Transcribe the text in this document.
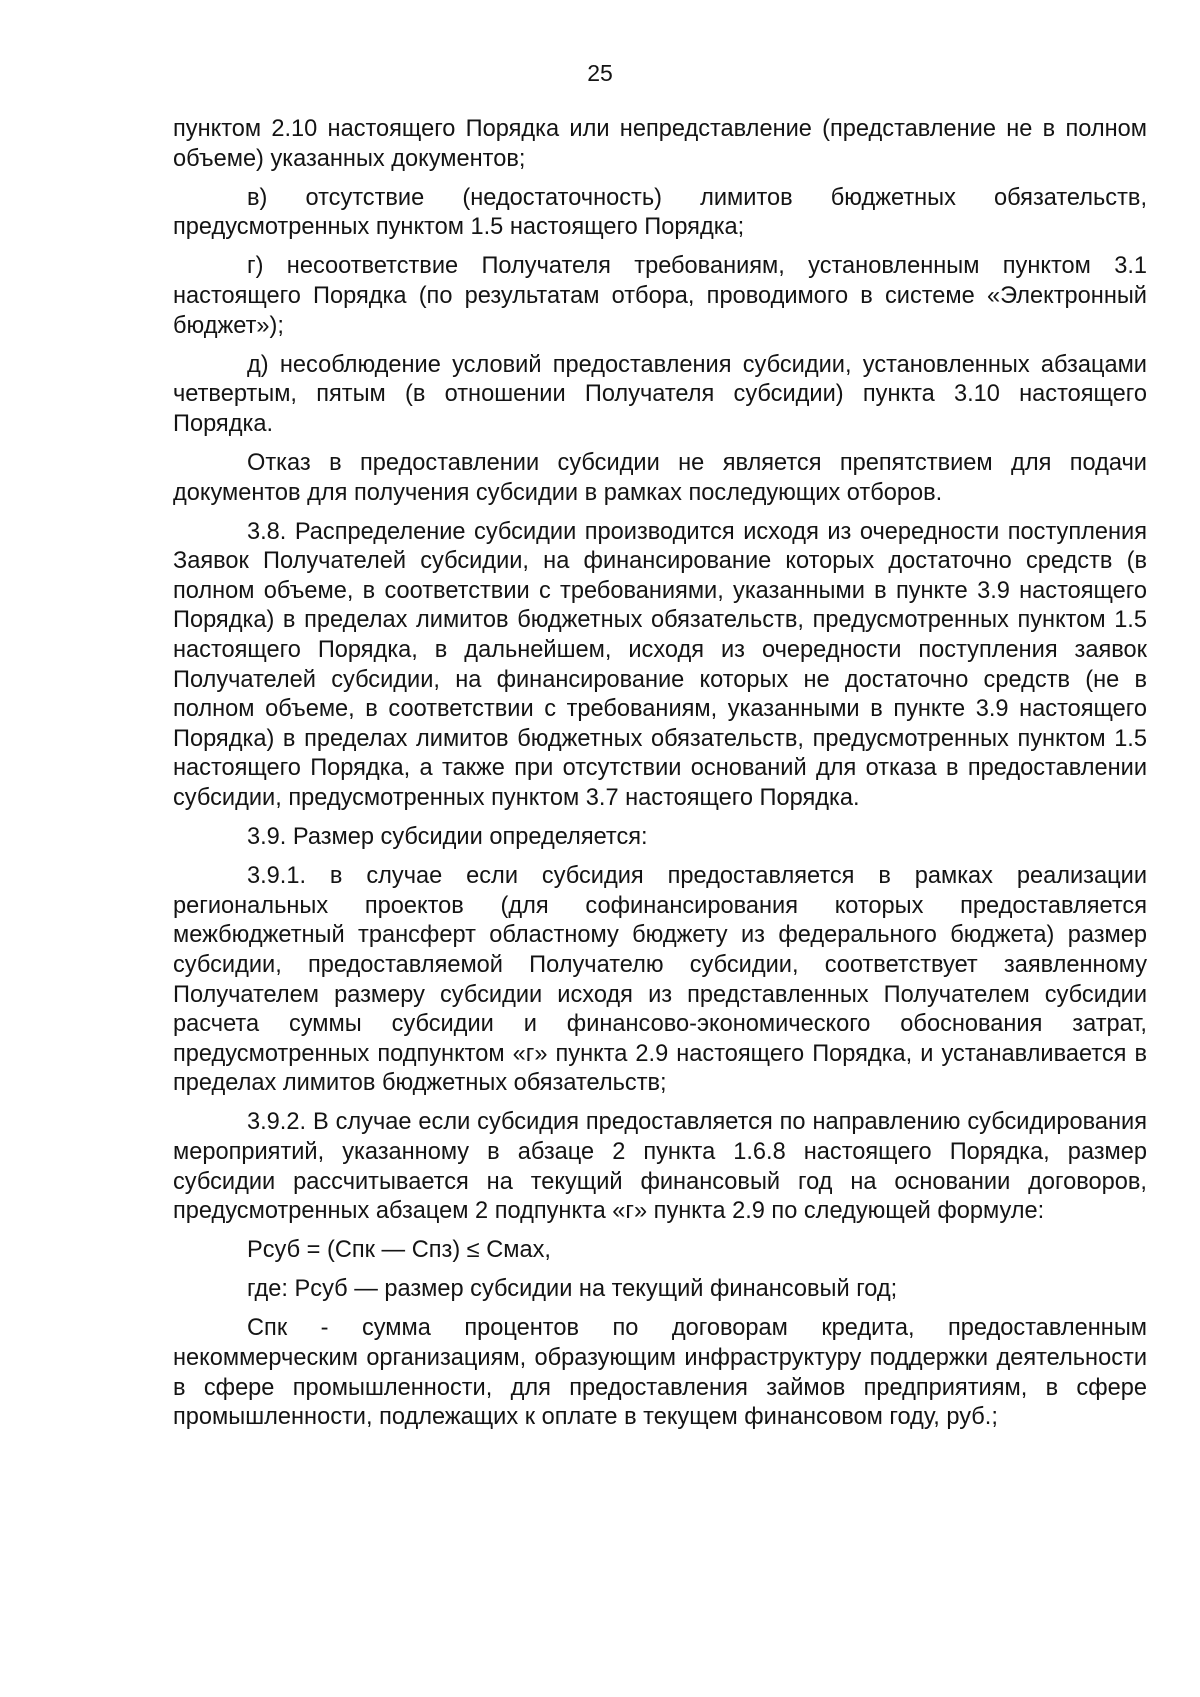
25

пунктом 2.10 настоящего Порядка или непредставление (представление не в полном объеме) указанных документов;

в) отсутствие (недостаточность) лимитов бюджетных обязательств, предусмотренных пунктом 1.5 настоящего Порядка;

г) несоответствие Получателя требованиям, установленным пунктом 3.1 настоящего Порядка (по результатам отбора, проводимого в системе «Электронный бюджет»);

д) несоблюдение условий предоставления субсидии, установленных абзацами четвертым, пятым (в отношении Получателя субсидии) пункта 3.10 настоящего Порядка.

Отказ в предоставлении субсидии не является препятствием для подачи документов для получения субсидии в рамках последующих отборов.

3.8. Распределение субсидии производится исходя из очередности поступления Заявок Получателей субсидии, на финансирование которых достаточно средств (в полном объеме, в соответствии с требованиями, указанными в пункте 3.9 настоящего Порядка) в пределах лимитов бюджетных обязательств, предусмотренных пунктом 1.5 настоящего Порядка, в дальнейшем, исходя из очередности поступления заявок Получателей субсидии, на финансирование которых не достаточно средств (не в полном объеме, в соответствии с требованиям, указанными в пункте 3.9 настоящего Порядка) в пределах лимитов бюджетных обязательств, предусмотренных пунктом 1.5 настоящего Порядка, а также при отсутствии оснований для отказа в предоставлении субсидии, предусмотренных пунктом 3.7 настоящего Порядка.

3.9. Размер субсидии определяется:

3.9.1. в случае если субсидия предоставляется в рамках реализации региональных проектов (для софинансирования которых предоставляется межбюджетный трансферт областному бюджету из федерального бюджета) размер субсидии, предоставляемой Получателю субсидии, соответствует заявленному Получателем размеру субсидии исходя из представленных Получателем субсидии расчета суммы субсидии и финансово-экономического обоснования затрат, предусмотренных подпунктом «г» пункта 2.9 настоящего Порядка, и устанавливается в пределах лимитов бюджетных обязательств;

3.9.2. В случае если субсидия предоставляется по направлению субсидирования мероприятий, указанному в абзаце 2 пункта 1.6.8 настоящего Порядка, размер субсидии рассчитывается на текущий финансовый год на основании договоров, предусмотренных абзацем 2 подпункта «г» пункта 2.9 по следующей формуле:

Рсуб = (Спк — Спз) ≤ Смах,

где: Рсуб — размер субсидии на текущий финансовый год;

Спк - сумма процентов по договорам кредита, предоставленным некоммерческим организациям, образующим инфраструктуру поддержки деятельности в сфере промышленности, для предоставления займов предприятиям, в сфере промышленности, подлежащих к оплате в текущем финансовом году, руб.;
